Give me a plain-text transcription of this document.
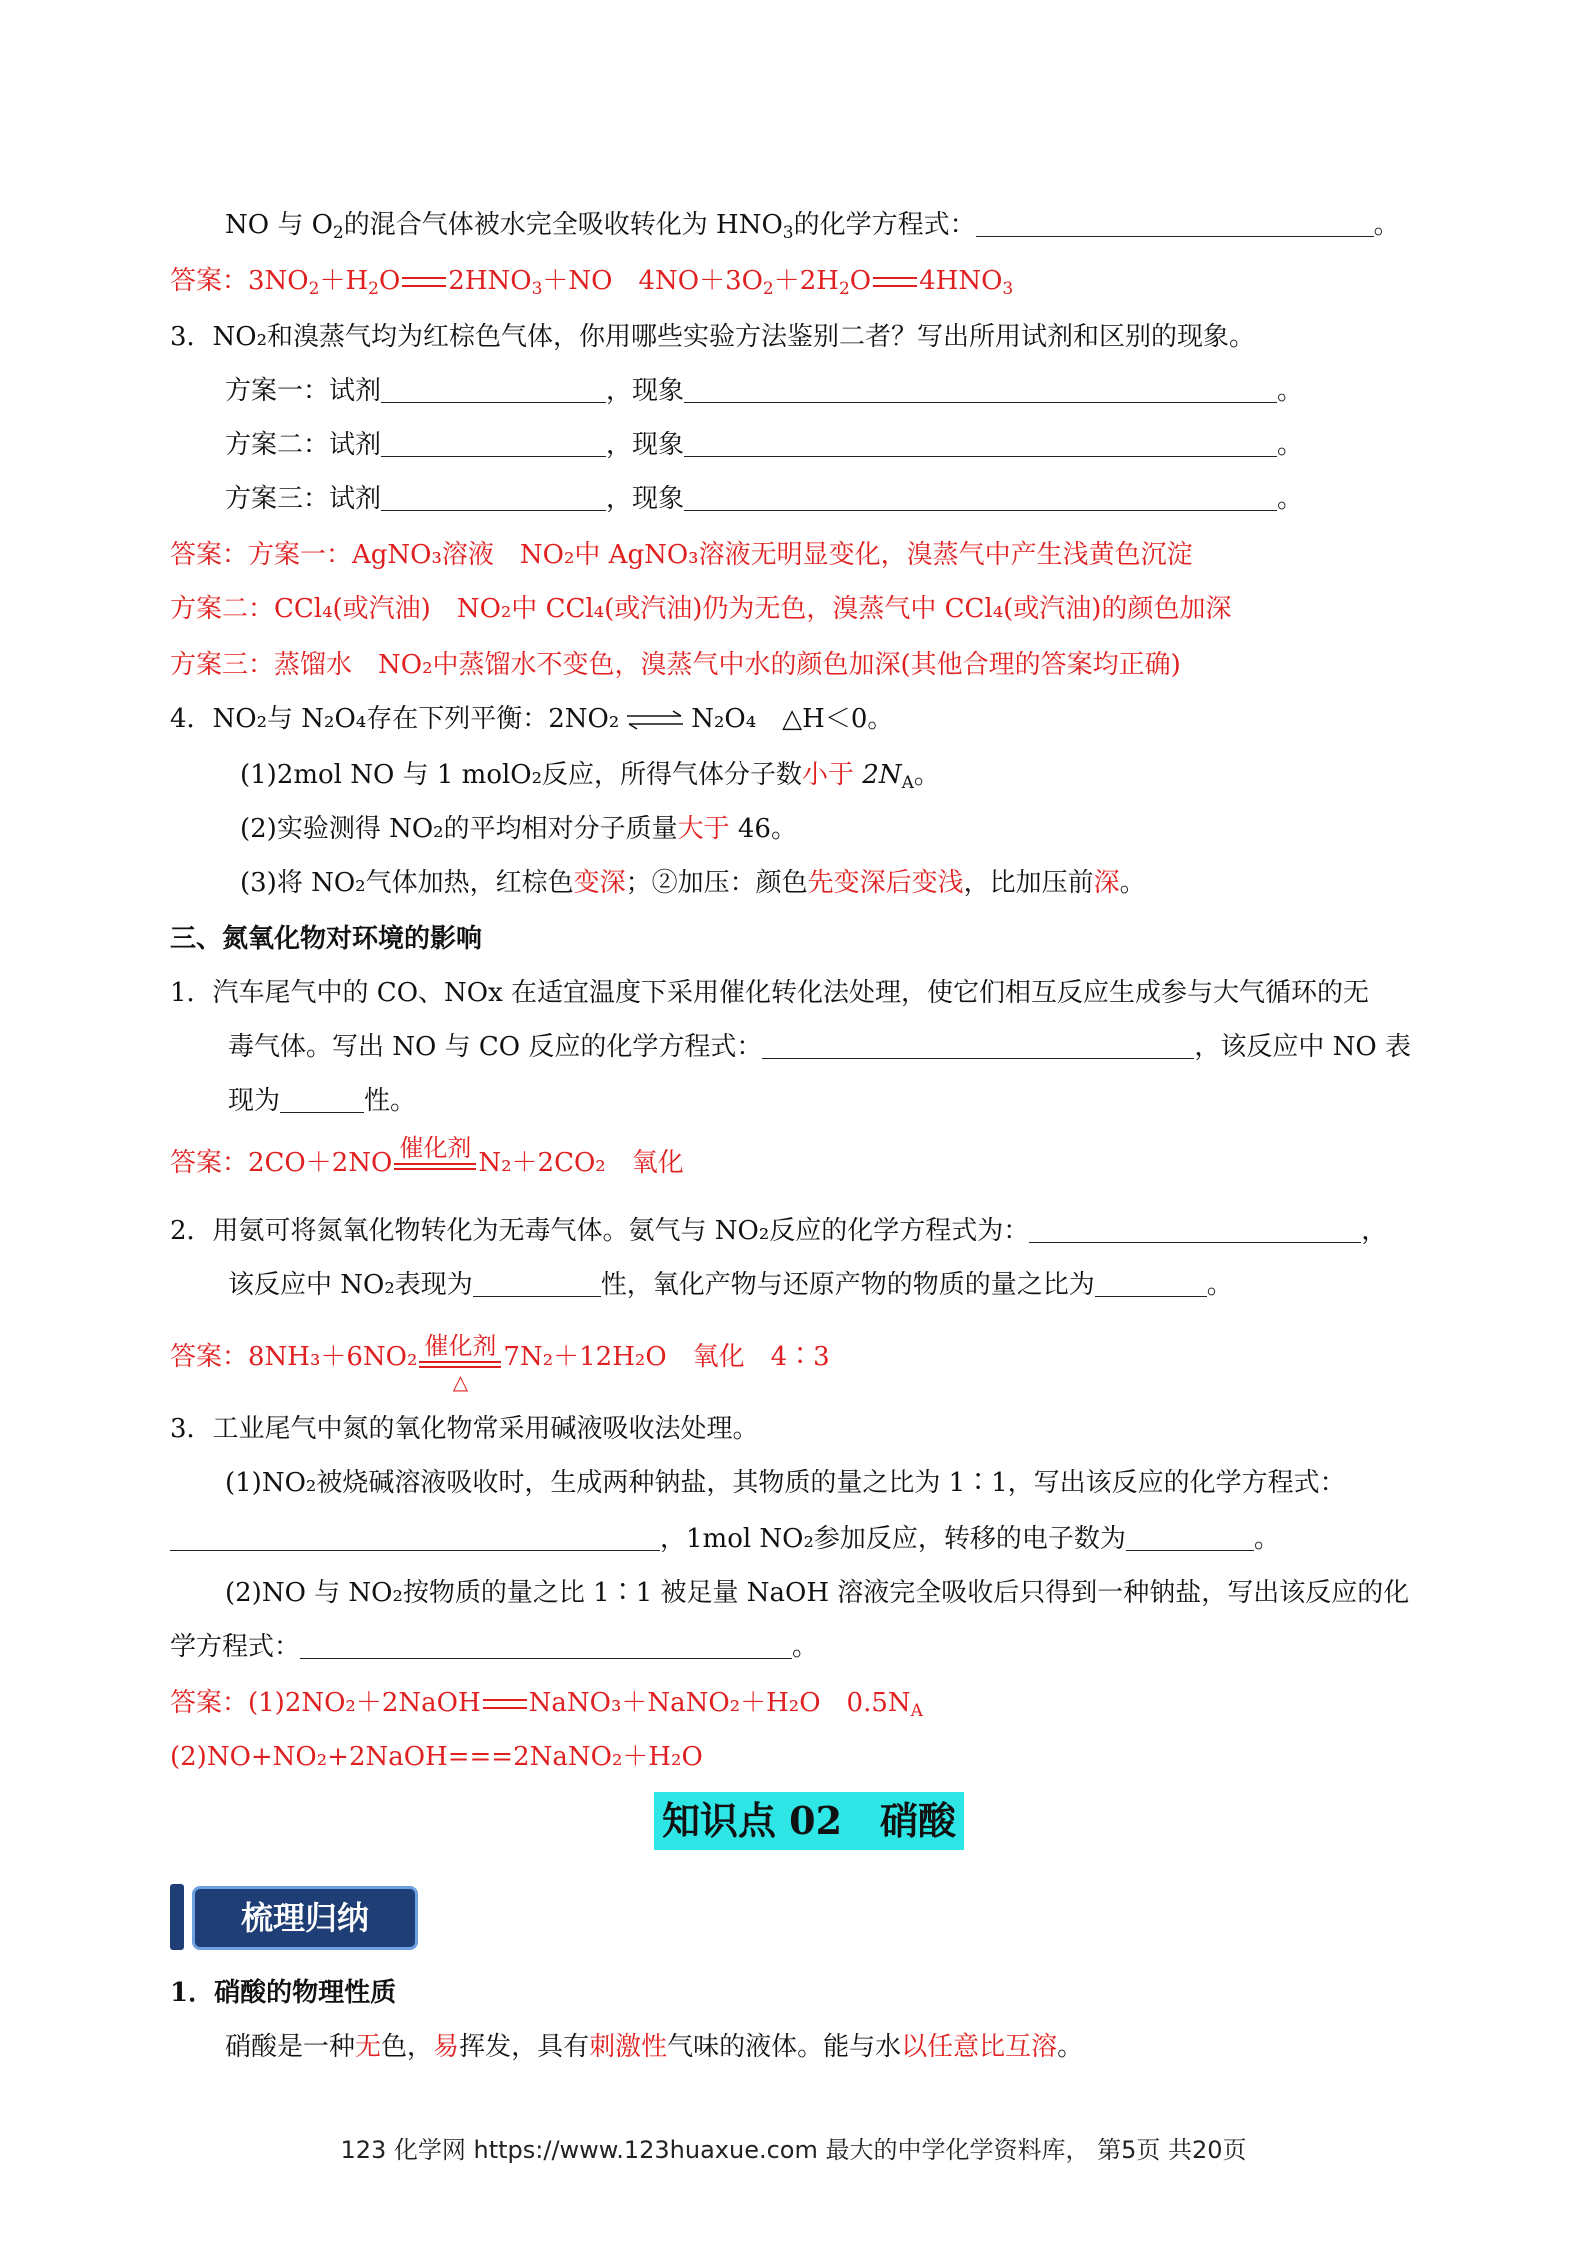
NO 与 $O_2$的混合气体被水完全吸收转化为 $HNO_3$的化学方程式：	。
答案：$3NO_2+H_2O$ $2HNO_3+NO$　$4NO+3O_2+2H_2O$ $4HNO_3$
3．NO₂和溴蒸气均为红棕色气体，你用哪些实验方法鉴别二者？写出所用试剂和区别的现象。
方案一：试剂	，现象	。
方案二：试剂	，现象	。
方案三：试剂	，现象	。
答案：方案一：AgNO₃溶液　NO₂中 AgNO₃溶液无明显变化，溴蒸气中产生浅黄色沉淀
方案二：CCl₄(或汽油)　NO₂中 CCl₄(或汽油)仍为无色，溴蒸气中 CCl₄(或汽油)的颜色加深
方案三：蒸馏水　NO₂中蒸馏水不变色，溴蒸气中水的颜色加深(其他合理的答案均正确)
4．NO₂与 N₂O₄存在下列平衡：2NO₂ ⇌ N₂O₄　△H＜0。
(1)2mol NO 与 1 molO₂反应，所得气体分子数小于 $2N_A$。
(2)实验测得 NO₂的平均相对分子质量大于 46。
(3)将 NO₂气体加热，红棕色变深；②加压：颜色先变深后变浅，比加压前深。
三、氮氧化物对环境的影响
1．汽车尾气中的 CO、NOx 在适宜温度下采用催化转化法处理，使它们相互反应生成参与大气循环的无
毒气体。写出 NO 与 CO 反应的化学方程式：	，该反应中 NO 表
现为	性。
答案：2CO＋2NO 催化剂 N₂＋2CO₂　氧化
2．用氨可将氮氧化物转化为无毒气体。氨气与 NO₂反应的化学方程式为：	，
该反应中 NO₂表现为	性，氧化产物与还原产物的物质的量之比为	。
答案：8NH₃＋6NO₂ 催化剂
△
7N₂＋12H₂O　氧化　4∶3
3．工业尾气中氮的氧化物常采用碱液吸收法处理。
(1)NO₂被烧碱溶液吸收时，生成两种钠盐，其物质的量之比为 1∶1，写出该反应的化学方程式：
，1mol NO₂参加反应，转移的电子数为	。
(2)NO 与 NO₂按物质的量之比 1∶1 被足量 NaOH 溶液完全吸收后只得到一种钠盐，写出该反应的化
学方程式：	。
答案：(1)2NO₂＋2NaOH NaNO₃＋NaNO₂＋H₂O　$0.5N_A$
(2)NO+NO₂+2NaOH===2NaNO₂＋H₂O
知识点 02　硝酸
梳理归纳
1．硝酸的物理性质
硝酸是一种无色，易挥发，具有刺激性气味的液体。能与水以任意比互溶。
123 化学网 https://www.123huaxue.com 最大的中学化学资料库， 第5页 共20页
